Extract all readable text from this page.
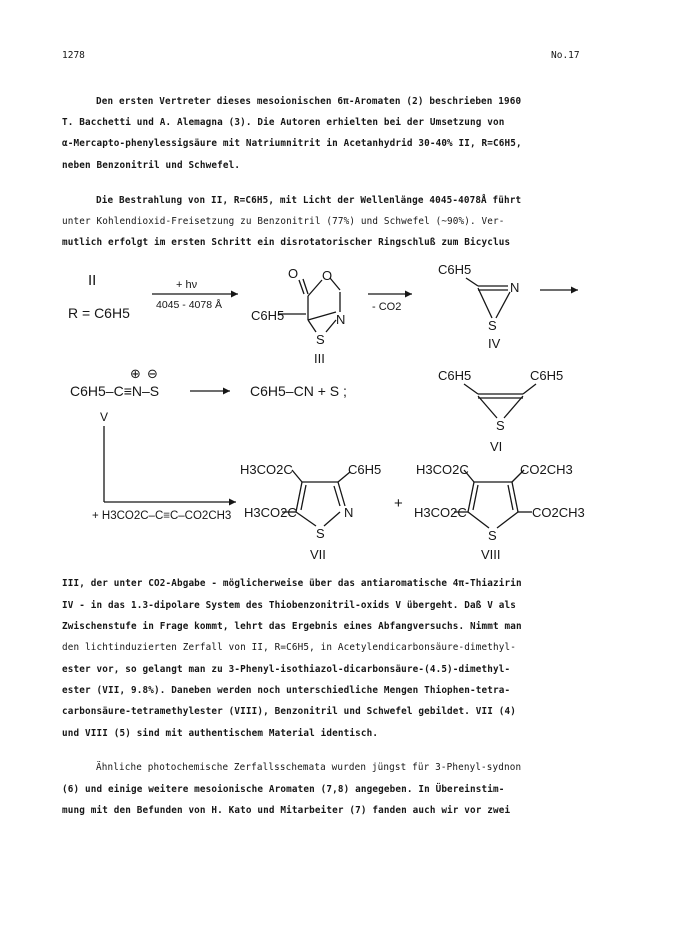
1278	No.17
Den ersten Vertreter dieses mesoionischen 6π-Aromaten (2) beschrieben 1960
T. Bacchetti und A. Alemagna (3). Die Autoren erhielten bei der Umsetzung von
α-Mercapto-phenylessigsäure mit Natriumnitrit in Acetanhydrid 30-40% II, R=C6H5,
neben Benzonitril und Schwefel.
Die Bestrahlung von II, R=C6H5, mit Licht der Wellenlänge 4045-4078Å führt
unter Kohlendioxid-Freisetzung zu Benzonitril (77%) und Schwefel (~90%). Ver-
mutlich erfolgt im ersten Schritt ein disrotatorischer Ringschluß zum Bicyclus
II
R = C6H5
+ hν
4045 - 4078 Å
O O
C6H5	N
S
III
- CO2
C6H5
N
S
IV
⊕ ⊖
C6H5–C≡N–S	C6H5–CN + S ;
V
C6H5	C6H5
S
VI
+ H3CO2C–C≡C–CO2CH3
H3CO2C	C6H5
H3CO2C	N
S
VII
+
H3CO2C	CO2CH3
H3CO2C	CO2CH3
S
VIII
III, der unter CO2-Abgabe - möglicherweise über das antiaromatische 4π-Thiazirin
IV - in das 1.3-dipolare System des Thiobenzonitril-oxids V übergeht. Daß V als
Zwischenstufe in Frage kommt, lehrt das Ergebnis eines Abfangversuchs. Nimmt man
den lichtinduzierten Zerfall von II, R=C6H5, in Acetylendicarbonsäure-dimethyl-
ester vor, so gelangt man zu 3-Phenyl-isothiazol-dicarbonsäure-(4.5)-dimethyl-
ester (VII, 9.8%). Daneben werden noch unterschiedliche Mengen Thiophen-tetra-
carbonsäure-tetramethylester (VIII), Benzonitril und Schwefel gebildet. VII (4)
und VIII (5) sind mit authentischem Material identisch.
Ähnliche photochemische Zerfallsschemata wurden jüngst für 3-Phenyl-sydnon
(6) und einige weitere mesoionische Aromaten (7,8) angegeben. In Übereinstim-
mung mit den Befunden von H. Kato und Mitarbeiter (7) fanden auch wir vor zwei
